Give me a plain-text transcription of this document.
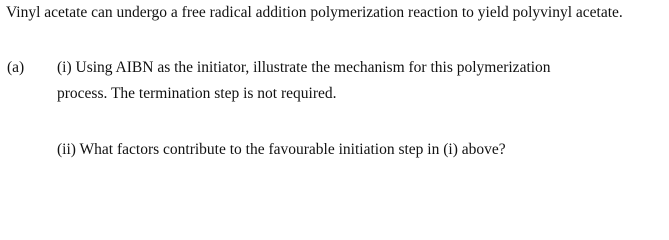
Vinyl acetate can undergo a free radical addition polymerization reaction to yield polyvinyl acetate.
(a) (i) Using AIBN as the initiator, illustrate the mechanism for this polymerization
process. The termination step is not required.
(ii) What factors contribute to the favourable initiation step in (i) above?
